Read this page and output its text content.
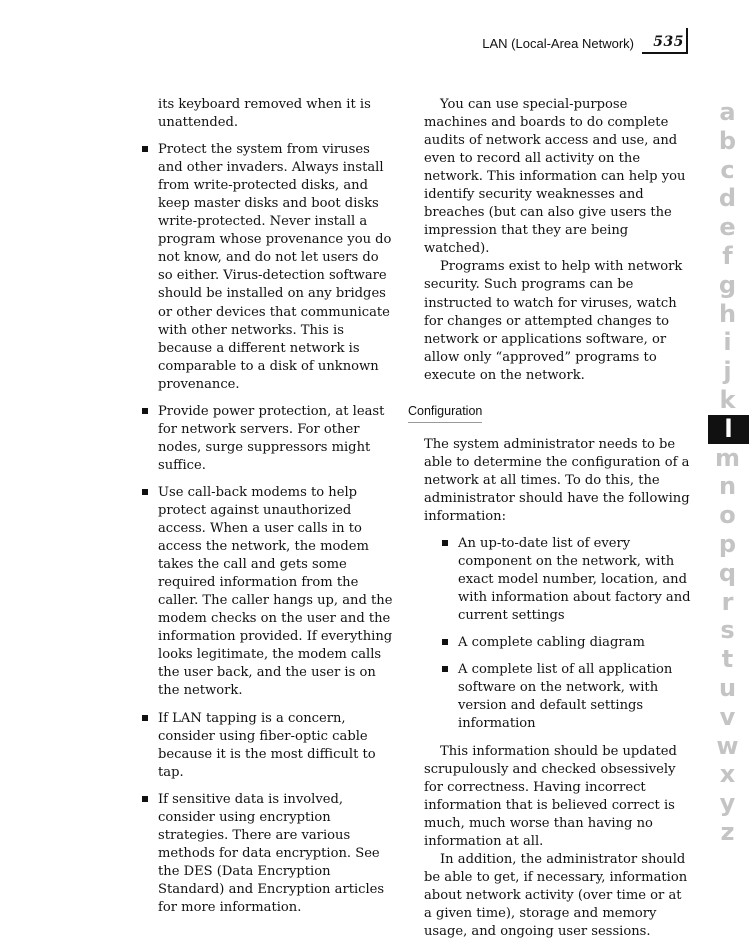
LAN (Local-Area Network) 535

its keyboard removed when it is unattended.

Protect the system from viruses and other invaders. Always install from write-protected disks, and keep master disks and boot disks write-protected. Never install a program whose provenance you do not know, and do not let users do so either. Virus-detection software should be installed on any bridges or other devices that communicate with other networks. This is because a different network is comparable to a disk of unknown provenance.
Provide power protection, at least for network servers. For other nodes, surge suppressors might suffice.
Use call-back modems to help protect against unauthorized access. When a user calls in to access the network, the modem takes the call and gets some required information from the caller. The caller hangs up, and the modem checks on the user and the information provided. If everything looks legitimate, the modem calls the user back, and the user is on the network.
If LAN tapping is a concern, consider using fiber-optic cable because it is the most difficult to tap.
If sensitive data is involved, consider using encryption strategies. There are various methods for data encryption. See the DES (Data Encryption Standard) and Encryption articles for more information.

You can use special-purpose machines and boards to do complete audits of network access and use, and even to record all activity on the network. This information can help you identify security weaknesses and breaches (but can also give users the impression that they are being watched).

Programs exist to help with network security. Such programs can be instructed to watch for viruses, watch for changes or attempted changes to network or applications software, or allow only “approved” programs to execute on the network.

Configuration

The system administrator needs to be able to determine the configuration of a network at all times. To do this, the administrator should have the following information:

An up-to-date list of every component on the network, with exact model number, location, and with information about factory and current settings
A complete cabling diagram
A complete list of all application software on the network, with version and default settings information

This information should be updated scrupulously and checked obsessively for correctness. Having incorrect information that is believed correct is much, much worse than having no information at all.

In addition, the administrator should be able to get, if necessary, information about network activity (over time or at a given time), storage and memory usage, and ongoing user sessions.

a
b
c
d
e
f
g
h
i
j
k
l
m
n
o
p
q
r
s
t
u
v
w
x
y
z
